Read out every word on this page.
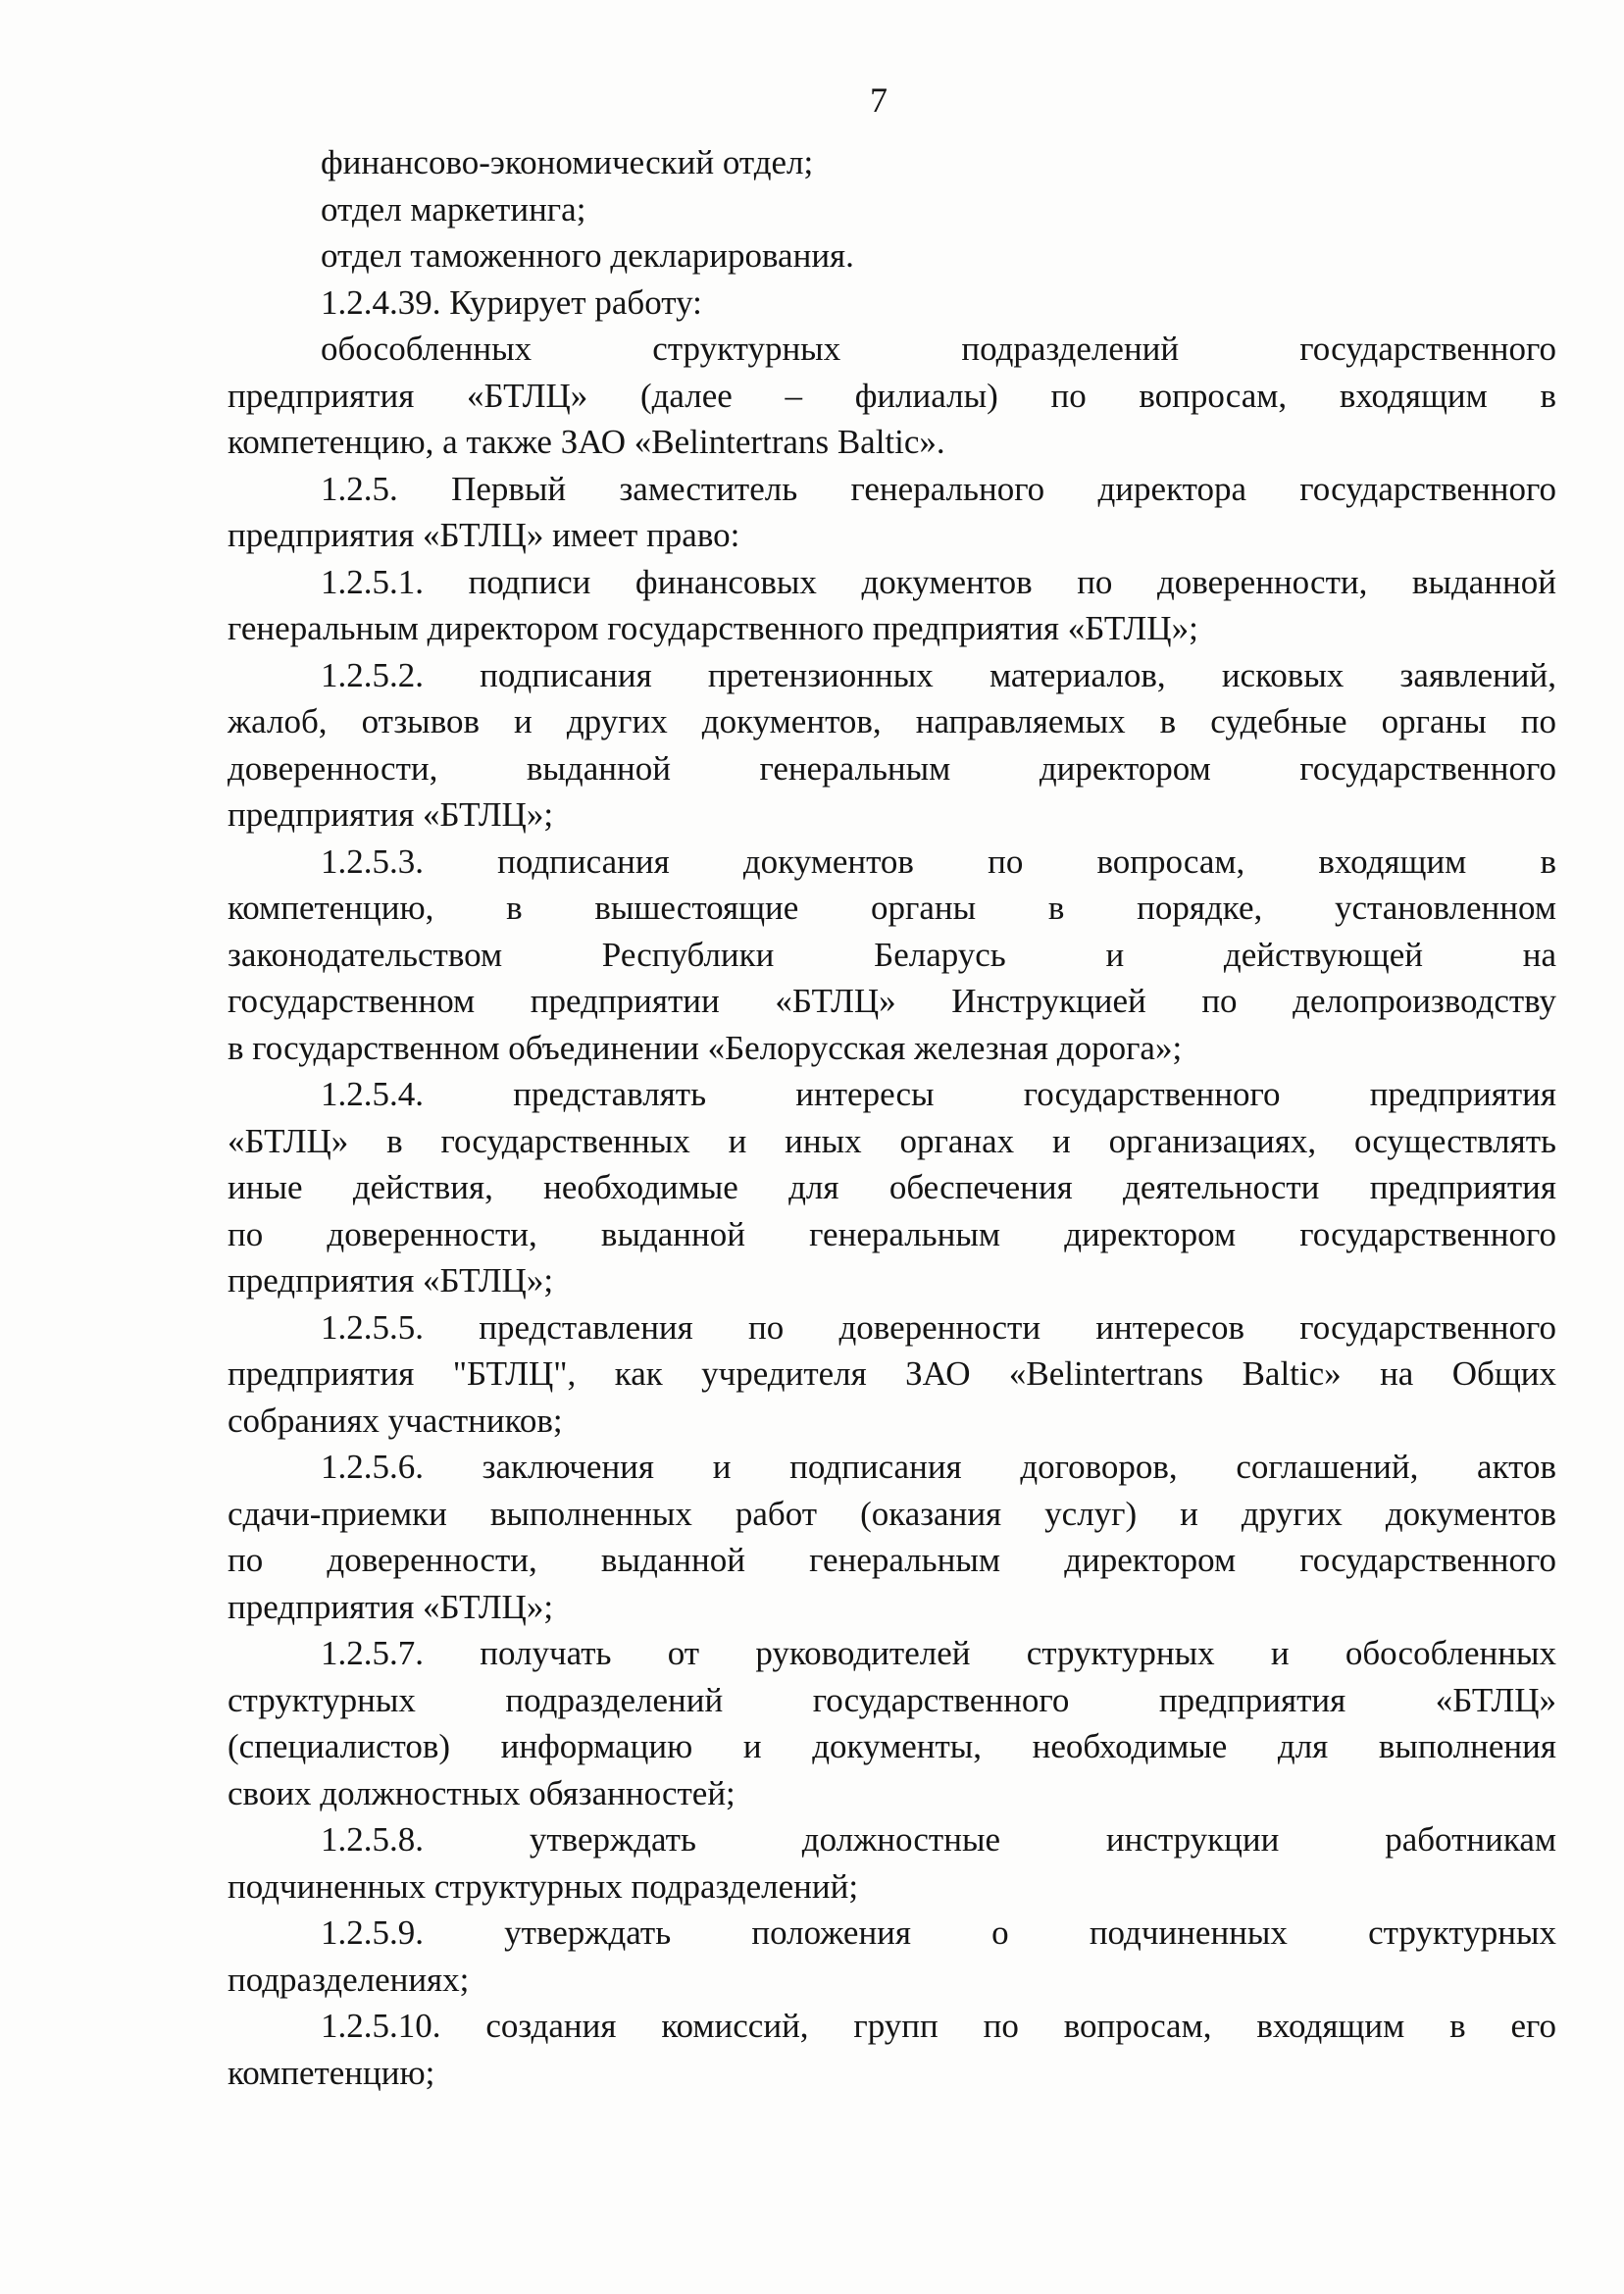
7
финансово-экономический отдел;
отдел маркетинга;
отдел таможенного декларирования.
1.2.4.39. Курирует работу:
обособленных структурных подразделений государственного
предприятия «БТЛЦ» (далее – филиалы) по вопросам, входящим в
компетенцию, а также ЗАО «Belintertrans Baltic».
1.2.5. Первый заместитель генерального директора государственного
предприятия «БТЛЦ» имеет право:
1.2.5.1. подписи финансовых документов по доверенности, выданной
генеральным директором государственного предприятия «БТЛЦ»;
1.2.5.2. подписания претензионных материалов, исковых заявлений,
жалоб, отзывов и других документов, направляемых в судебные органы по
доверенности, выданной генеральным директором государственного
предприятия «БТЛЦ»;
1.2.5.3. подписания документов по вопросам, входящим в
компетенцию, в вышестоящие органы в порядке, установленном
законодательством Республики Беларусь и действующей на
государственном предприятии «БТЛЦ» Инструкцией по делопроизводству
в государственном объединении «Белорусская железная дорога»;
1.2.5.4. представлять интересы государственного предприятия
«БТЛЦ» в государственных и иных органах и организациях, осуществлять
иные действия, необходимые для обеспечения деятельности предприятия
по доверенности, выданной генеральным директором государственного
предприятия «БТЛЦ»;
1.2.5.5. представления по доверенности интересов государственного
предприятия "БТЛЦ", как учредителя ЗАО «Belintertrans Baltic» на Общих
собраниях участников;
1.2.5.6. заключения и подписания договоров, соглашений, актов
сдачи-приемки выполненных работ (оказания услуг) и других документов
по доверенности, выданной генеральным директором государственного
предприятия «БТЛЦ»;
1.2.5.7. получать от руководителей структурных и обособленных
структурных подразделений государственного предприятия «БТЛЦ»
(специалистов) информацию и документы, необходимые для выполнения
своих должностных обязанностей;
1.2.5.8. утверждать должностные инструкции работникам
подчиненных структурных подразделений;
1.2.5.9. утверждать положения о подчиненных структурных
подразделениях;
1.2.5.10. создания комиссий, групп по вопросам, входящим в его
компетенцию;
